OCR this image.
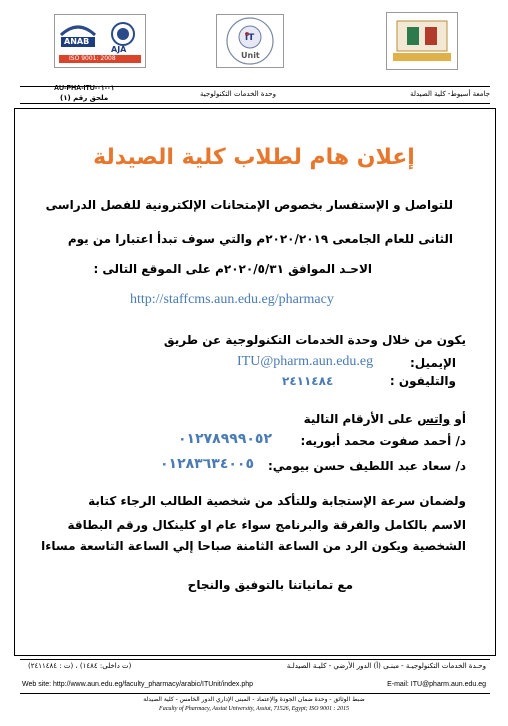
ANAB
AJA
ISO 9001: 2008
iT
Unit
جامعة أسيوط- كلية الصيدلة
وحدة الخدمات التكنولوجية
AU-PHA-ITU-٠١-٠١
ملحق رقم (١)
إعلان هام لطلاب كلية الصيدلة
للتواصل و الإستفسار بخصوص الإمتحانات الإلكترونية للفصل الدراسى
الثانى للعام الجامعى ٢٠٢٠/٢٠١٩م والتي سوف تبدأ اعتبارا من يوم
الاحـد الموافق ٢٠٢٠/٥/٣١م على الموقع التالى :
http://staffcms.aun.edu.eg/pharmacy
يكون من خلال وحدة الخدمات التكنولوجية عن طريق
الإيميل:
ITU@pharm.aun.edu.eg
والتليفون :
٢٤١١٤٨٤
أو واتس على الأرقام التالية
د/ أحمد صفوت محمد أبوريه:
٠١٢٧٨٩٩٩٠٥٢
د/ سعاد عبد اللطيف حسن بيومي:
٠١٢٨٣٦٣٤٠٠٥
ولضمان سرعة الإستجابة وللتأكد من شخصية الطالب الرجاء كتابة
الاسم بالكامل والفرقة والبرنامج سواء عام او كلينكال ورقم البطاقة
الشخصية ويكون الرد من الساعة الثامنة صباحا إلي الساعة التاسعة مساءا
مع تمانياتنا بالتوفيق والنجاح
وحـدة الخدمات التكنولوجيـة - مبنـى (أ) الدور الأرضي - كليـة الصيدلـة
(ت داخلى: ١٤٨٤) ، (ت : ٢٤١١٤٨٤)
Web site: http://www.aun.edu.eg/faculty_pharmacy/arabic/ITUnit/index.php	E-mail: ITU@pharm.aun.edu.eg
ضبط الوثائق - وحدة ضمان الجودة والإعتماد - المبنى الإداري الدور الخامس - كلية الصيدلة
Faculty of Pharmacy, Assiut University, Assiut, 71526, Egypt; ISO 9001 : 2015
